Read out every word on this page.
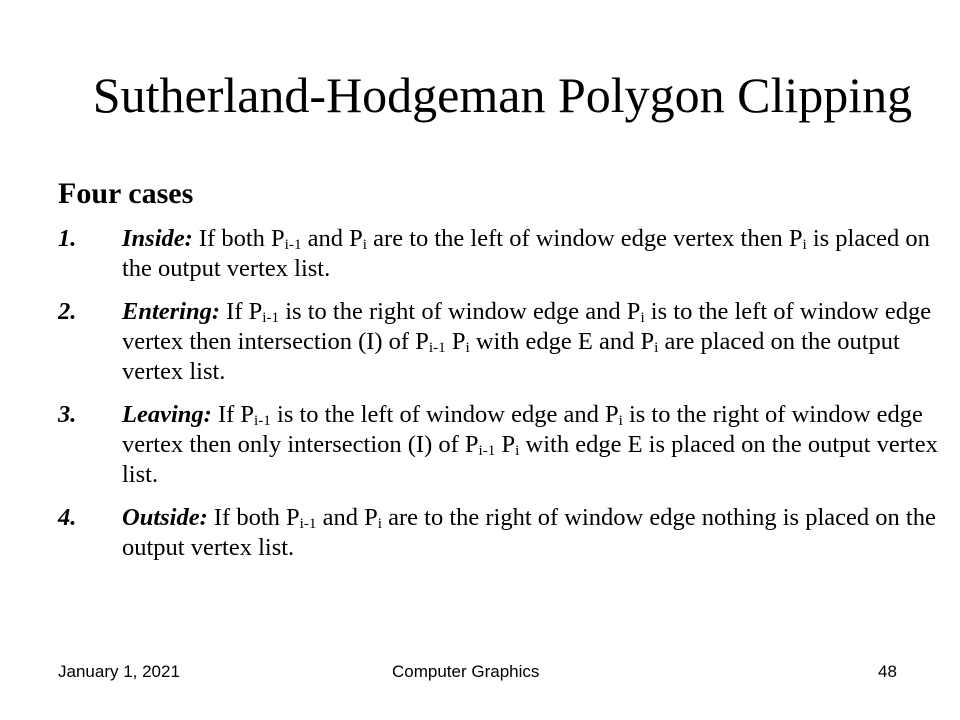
Sutherland-Hodgeman Polygon Clipping
Four cases
1. Inside: If both $P_{i-1}$ and $P_i$ are to the left of window edge vertex then $P_i$ is placed on the output vertex list.
2. Entering: If $P_{i-1}$ is to the right of window edge and $P_i$ is to the left of window edge vertex then intersection (I) of $P_{i-1}$ $P_i$ with edge E and $P_i$ are placed on the output vertex list.
3. Leaving: If $P_{i-1}$ is to the left of window edge and $P_i$ is to the right of window edge vertex then only intersection (I) of $P_{i-1}$ $P_i$ with edge E is placed on the output vertex list.
4. Outside: If both $P_{i-1}$ and $P_i$ are to the right of window edge nothing is placed on the output vertex list.
January 1, 2021	Computer Graphics	48
